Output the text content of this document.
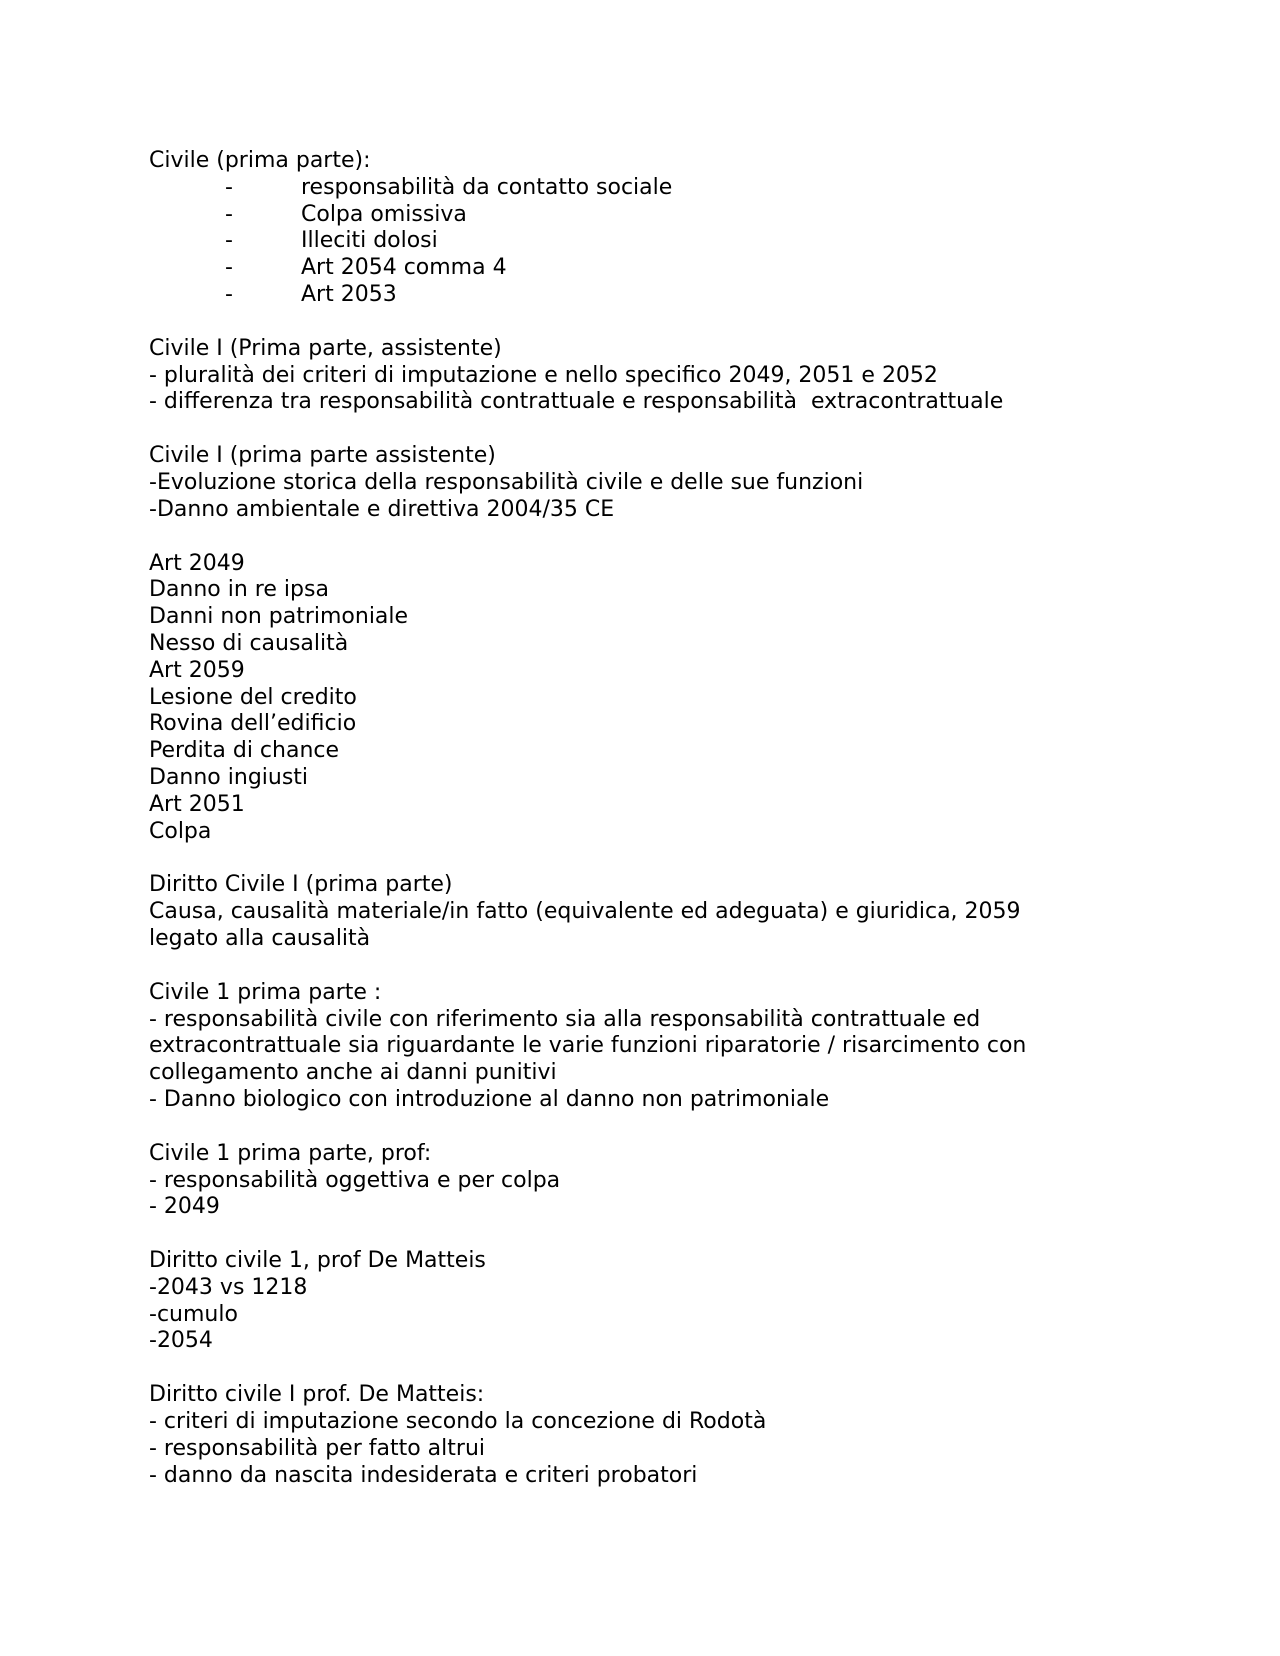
Civile (prima parte):
-	responsabilità da contatto sociale
-	Colpa omissiva
-	Illeciti dolosi
-	Art 2054 comma 4
-	Art 2053
Civile I (Prima parte, assistente)
- pluralità dei criteri di imputazione e nello specifico 2049, 2051 e 2052
- differenza tra responsabilità contrattuale e responsabilità  extracontrattuale
Civile I (prima parte assistente)
-Evoluzione storica della responsabilità civile e delle sue funzioni
-Danno ambientale e direttiva 2004/35 CE
Art 2049
Danno in re ipsa
Danni non patrimoniale
Nesso di causalità
Art 2059
Lesione del credito
Rovina dell’edificio
Perdita di chance
Danno ingiusti
Art 2051
Colpa
Diritto Civile I (prima parte)
Causa, causalità materiale/in fatto (equivalente ed adeguata) e giuridica, 2059 legato alla causalità
Civile 1 prima parte :
- responsabilità civile con riferimento sia alla responsabilità contrattuale ed extracontrattuale sia riguardante le varie funzioni riparatorie / risarcimento con collegamento anche ai danni punitivi
- Danno biologico con introduzione al danno non patrimoniale
Civile 1 prima parte, prof:
- responsabilità oggettiva e per colpa
- 2049
Diritto civile 1, prof De Matteis
-2043 vs 1218
-cumulo
-2054
Diritto civile I prof. De Matteis:
- criteri di imputazione secondo la concezione di Rodotà
- responsabilità per fatto altrui
- danno da nascita indesiderata e criteri probatori
